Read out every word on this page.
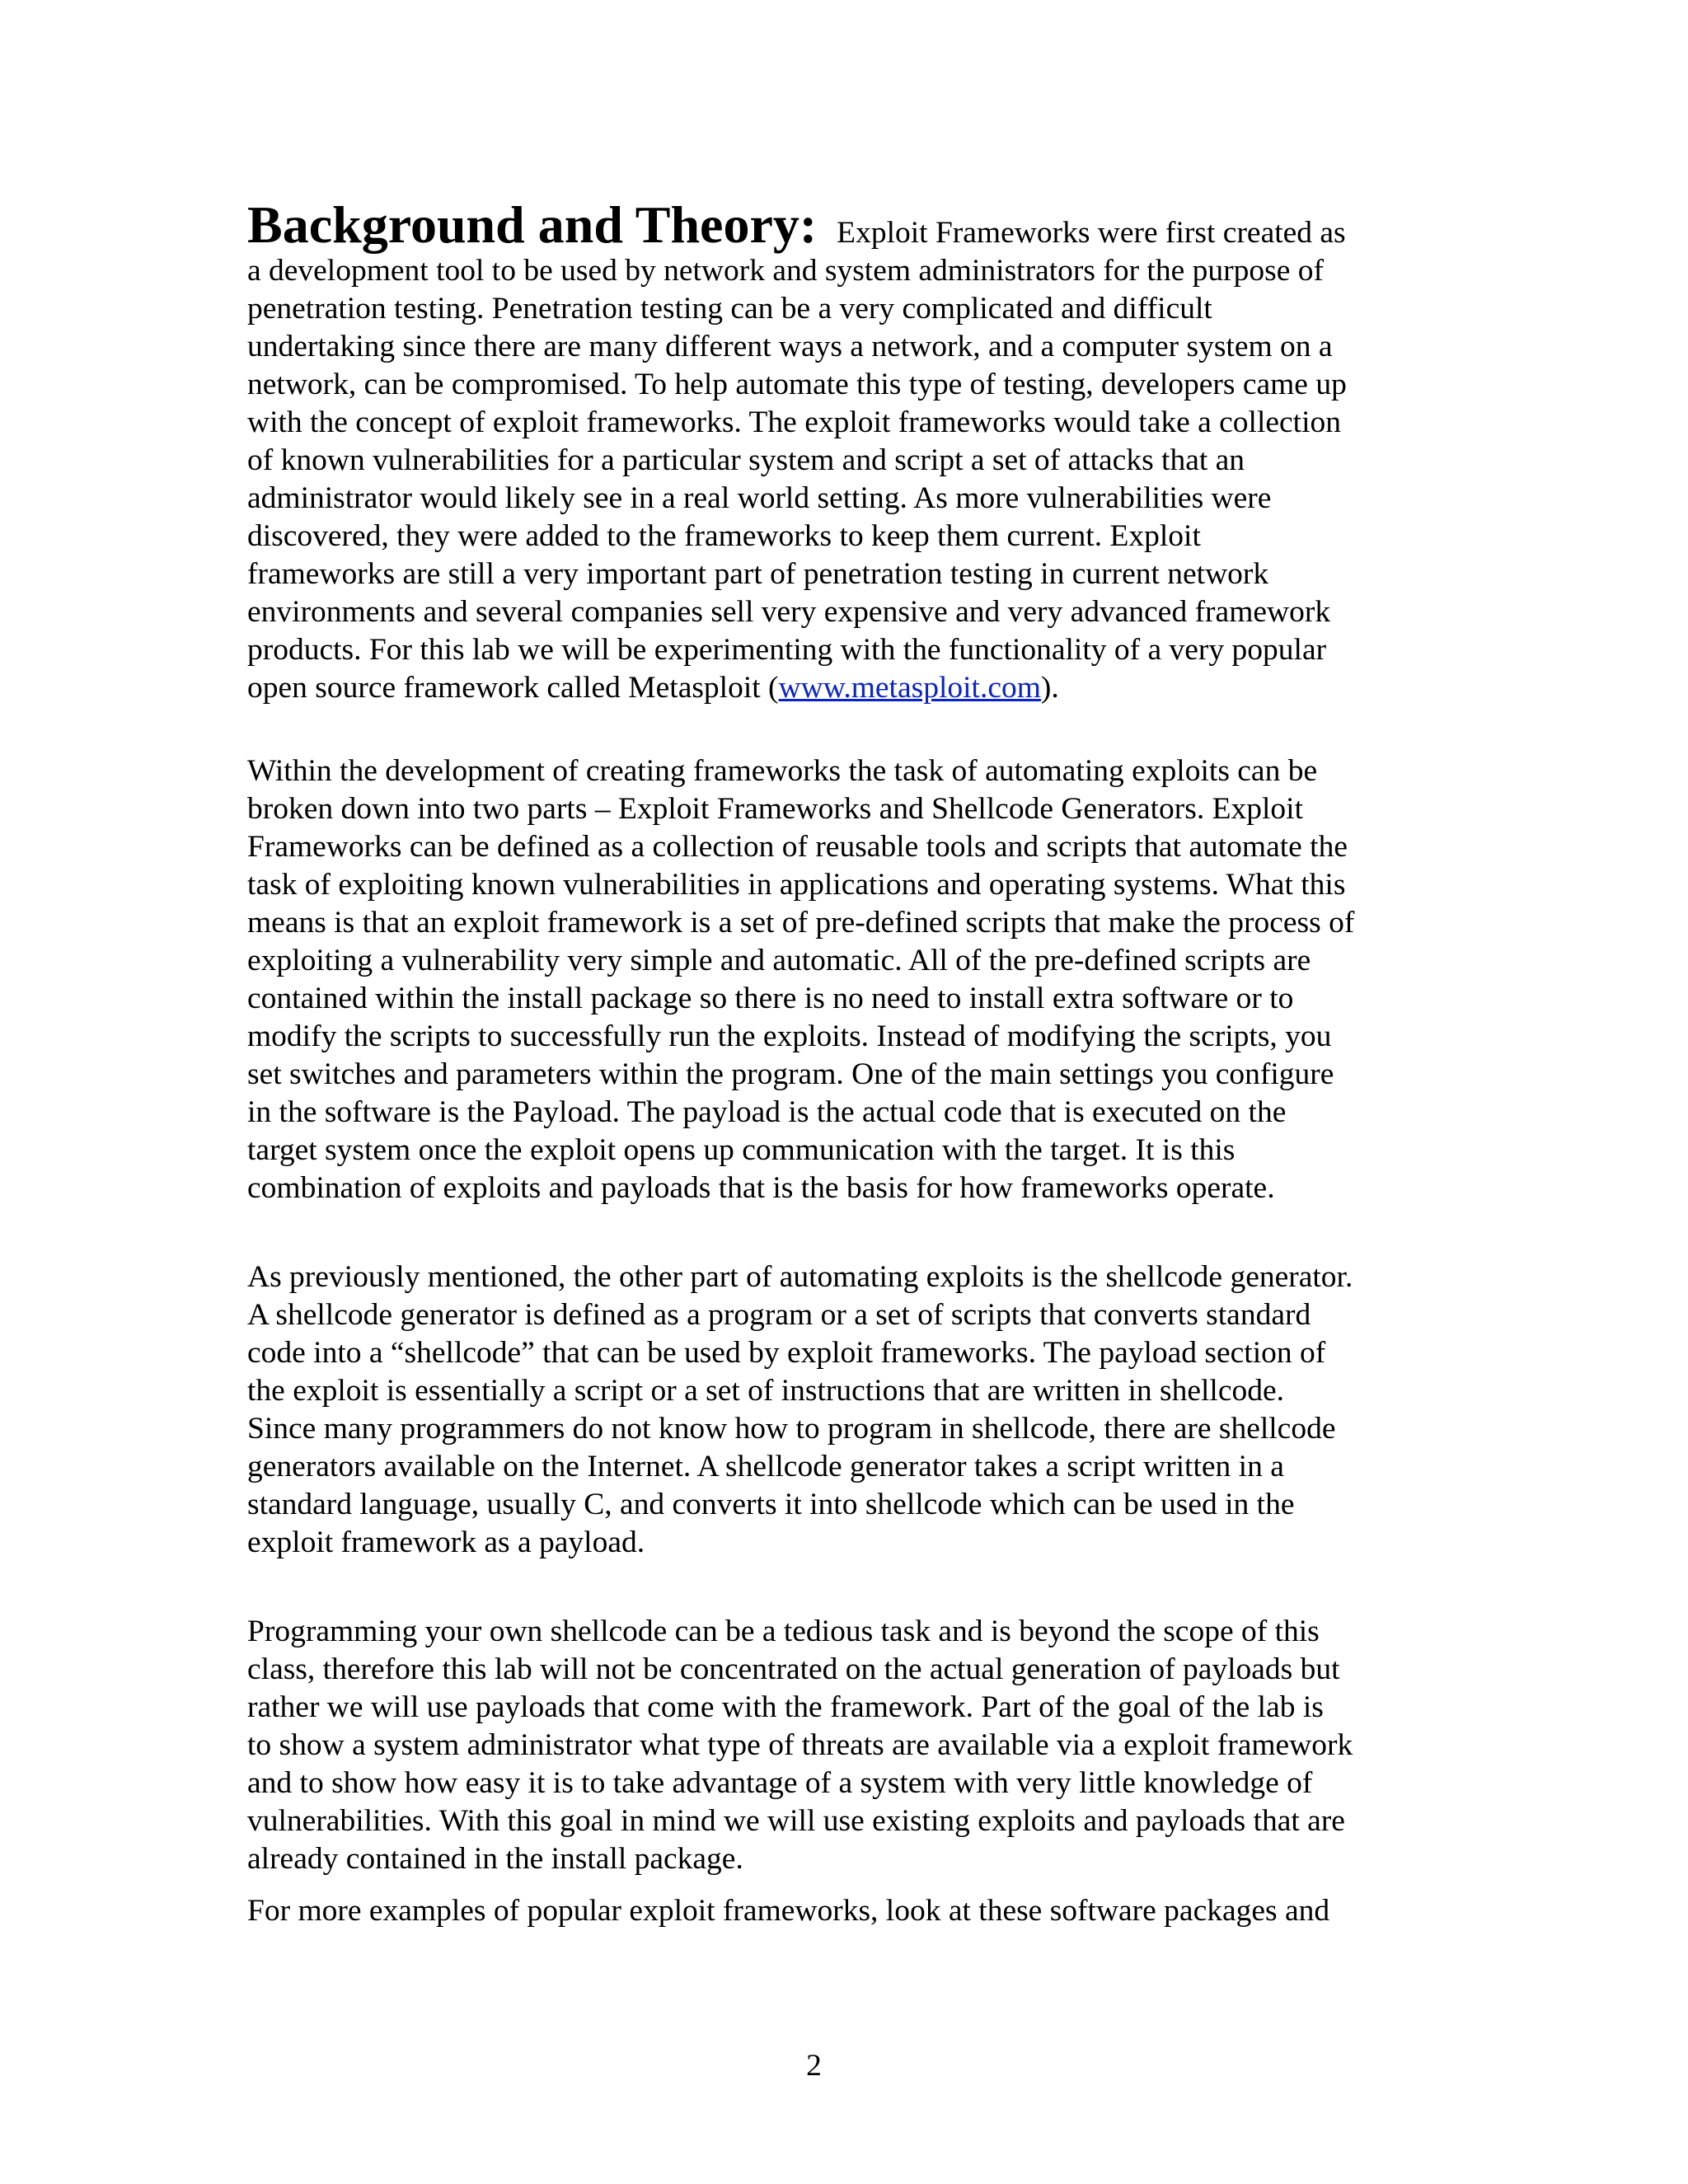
Background and Theory: Exploit Frameworks were first created as
a development tool to be used by network and system administrators for the purpose of
penetration testing. Penetration testing can be a very complicated and difficult
undertaking since there are many different ways a network, and a computer system on a
network, can be compromised. To help automate this type of testing, developers came up
with the concept of exploit frameworks. The exploit frameworks would take a collection
of known vulnerabilities for a particular system and script a set of attacks that an
administrator would likely see in a real world setting. As more vulnerabilities were
discovered, they were added to the frameworks to keep them current. Exploit
frameworks are still a very important part of penetration testing in current network
environments and several companies sell very expensive and very advanced framework
products. For this lab we will be experimenting with the functionality of a very popular
open source framework called Metasploit (www.metasploit.com).
Within the development of creating frameworks the task of automating exploits can be
broken down into two parts – Exploit Frameworks and Shellcode Generators. Exploit
Frameworks can be defined as a collection of reusable tools and scripts that automate the
task of exploiting known vulnerabilities in applications and operating systems. What this
means is that an exploit framework is a set of pre-defined scripts that make the process of
exploiting a vulnerability very simple and automatic. All of the pre-defined scripts are
contained within the install package so there is no need to install extra software or to
modify the scripts to successfully run the exploits. Instead of modifying the scripts, you
set switches and parameters within the program. One of the main settings you configure
in the software is the Payload. The payload is the actual code that is executed on the
target system once the exploit opens up communication with the target. It is this
combination of exploits and payloads that is the basis for how frameworks operate.
As previously mentioned, the other part of automating exploits is the shellcode generator.
A shellcode generator is defined as a program or a set of scripts that converts standard
code into a “shellcode” that can be used by exploit frameworks. The payload section of
the exploit is essentially a script or a set of instructions that are written in shellcode.
Since many programmers do not know how to program in shellcode, there are shellcode
generators available on the Internet. A shellcode generator takes a script written in a
standard language, usually C, and converts it into shellcode which can be used in the
exploit framework as a payload.
Programming your own shellcode can be a tedious task and is beyond the scope of this
class, therefore this lab will not be concentrated on the actual generation of payloads but
rather we will use payloads that come with the framework. Part of the goal of the lab is
to show a system administrator what type of threats are available via a exploit framework
and to show how easy it is to take advantage of a system with very little knowledge of
vulnerabilities. With this goal in mind we will use existing exploits and payloads that are
already contained in the install package.
For more examples of popular exploit frameworks, look at these software packages and
2
